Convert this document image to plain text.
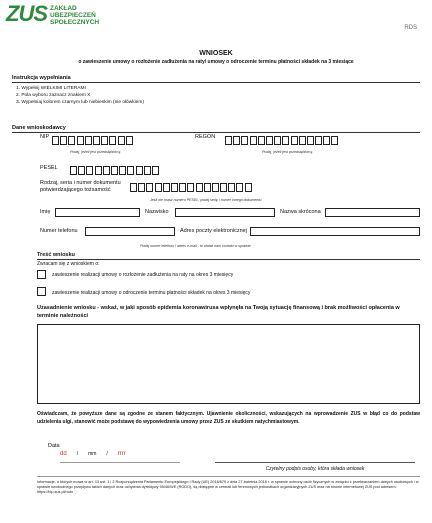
ZUS ZAKŁAD
UBEZPIECZEŃ
SPOŁECZNYCH
RDS
WNIOSEK
o zawieszenie umowy o rozłożenie zadłużenia na raty/ umowy o odroczenie terminu płatności składek na 3 miesiące
Instrukcja wypełniania
1. Wypełnij WIELKIMI LITERAMI
2. Pola wyboru zaznacz znakiem X
3. Wypełniaj kolorem czarnym lub niebieskim (nie ołówkiem)
Dane wnioskodawcy
NIP	REGON
Podaj, jeżeli jest przedsiębiorcą	Podaj, jeżeli jest przedsiębiorcą
PESEL
Rodzaj, seria i numer dokumentu
potwierdzającego tożsamość
Jeśli nie masz numeru PESEL, podaj serię i numer innego dokumentu
Imię	Nazwisko	Nazwa skrócona
Numer telefonu	Adres poczty elektronicznej
Podaj numer telefonu i adres e-mail - to ułatwi nam kontakt w sprawie
Treść wniosku
Zwracam się z wnioskiem o:
zawieszenie realizacji umowy o rozłożenie zadłużenia na raty na okres 3 miesięcy
zawieszenie realizacji umowy o odroczenie terminu płatności składek na okres 3 miesięcy
Uzasadnienie wniosku - wskaż, w jaki sposób epidemia koronawirusa wpłynęła na Twoją sytuację finansową i brak możliwości opłacenia w terminie należności
Oświadczam, że powyższe dane są zgodne ze stanem faktycznym. Ujawnienie okoliczności, wskazujących na wprowadzenie ZUS w błąd co do podstaw udzielenia ulgi, stanowić może podstawę do wypowiedzenia umowy przez ZUS ze skutkiem natychmiastowym.
Data
dd / mm / rrrr
Czytelny podpis osoby, która składa wniosek
Informacje, o których mowa w art. 13 ust. 1 i 2 Rozporządzenia Parlamentu Europejskiego i Rady (UE) 2016/679 z dnia 27 kwietnia 2016 r. w sprawie ochrony osób fizycznych w związku z przetwarzaniem danych osobowych i w sprawie swobodnego przepływu takich danych oraz uchylenia dyrektywy 95/46/WE (RODO), są dostępne w centrali lub terenowych jednostkach organizacyjnych ZUS oraz na stronie internetowej ZUS pod adresem: https://bip.zus.pl/rodo
